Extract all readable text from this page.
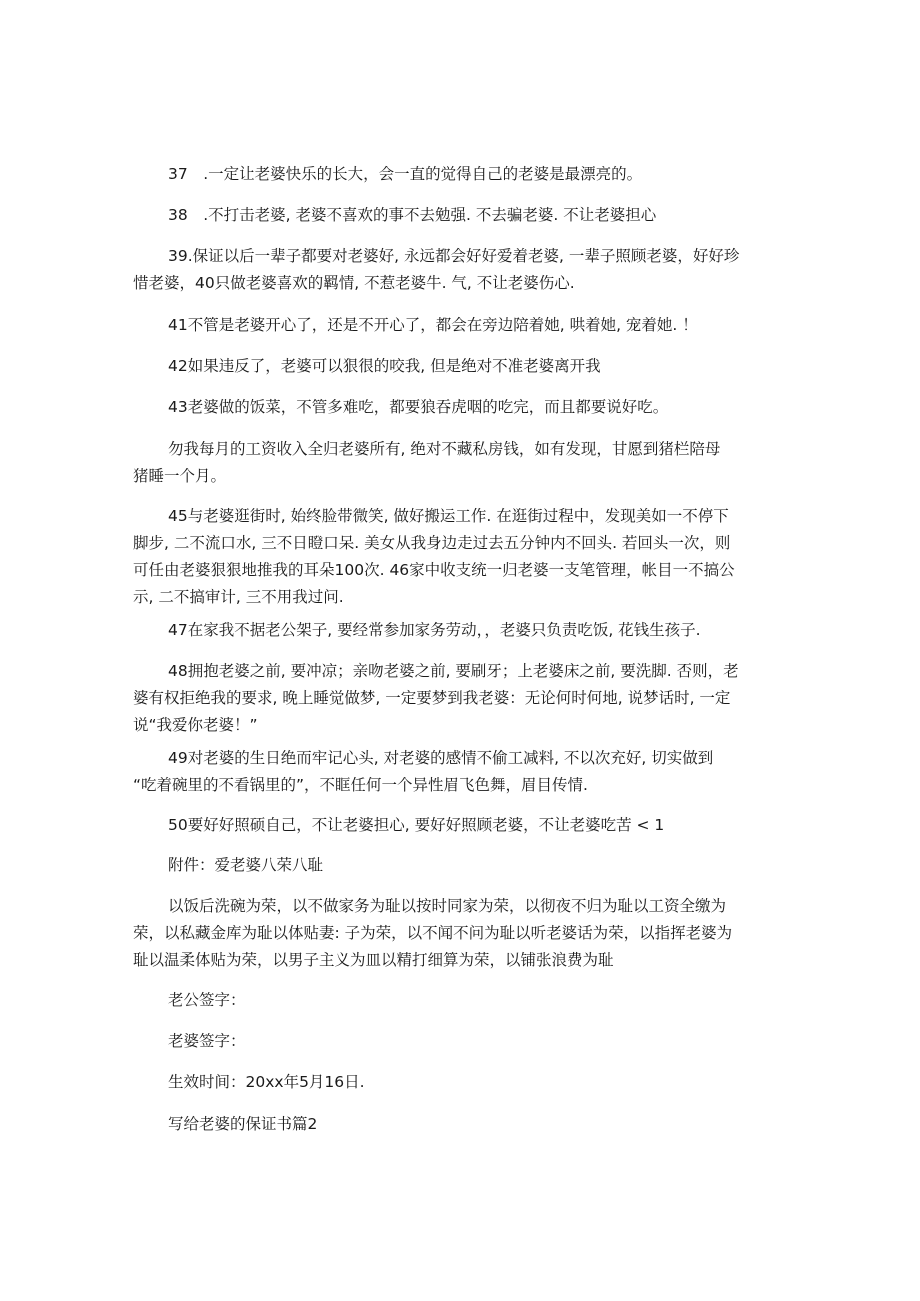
37　.一定让老婆快乐的长大，会一直的觉得自己的老婆是最漂亮的。
38　.不打击老婆, 老婆不喜欢的事不去勉强. 不去骗老婆. 不让老婆担心
39.保证以后一辈子都要对老婆好, 永远都会好好爱着老婆, 一辈子照顾老婆，好好珍
惜老婆，40只做老婆喜欢的羁情, 不惹老婆牛. 气, 不让老婆伤心.
41不管是老婆开心了，还是不开心了，都会在旁边陪着她, 哄着她, 宠着她. ！
42如果违反了，老婆可以狠很的咬我, 但是绝对不准老婆离开我
43老婆做的饭菜，不管多难吃，都要狼吞虎咽的吃完，而且都要说好吃。
勿我每月的工资收入全归老婆所有, 绝对不藏私房钱，如有发现，甘愿到猪栏陪母
猪睡一个月。
45与老婆逛街时, 始终脸带微笑, 做好搬运工作. 在逛街过程中，发现美如一不停下
脚步, 二不流口水, 三不日瞪口呆. 美女从我身边走过去五分钟内不回头. 若回头一次，则
可任由老婆狠狠地推我的耳朵100次. 46家中收支统一归老婆一支笔管理，帐目一不搞公
示, 二不搞审计, 三不用我过问.
47在家我不据老公架子, 要经常参加家务劳动，，老婆只负责吃饭, 花钱生孩子.
48拥抱老婆之前, 要冲凉；亲吻老婆之前, 要刷牙；上老婆床之前, 要洗脚. 否则，老
婆有权拒绝我的要求, 晚上睡觉做梦, 一定要梦到我老婆：无论何时何地, 说梦话时, 一定
说“我爱你老婆！”
49对老婆的生日绝而牢记心头, 对老婆的感情不偷工减料, 不以次充好, 切实做到
“吃着碗里的不看锅里的”，不眶任何一个异性眉飞色舞，眉目传情.
50要好好照硕自己，不让老婆担心, 要好好照顾老婆，不让老婆吃苦 < 1
附件：爱老婆八荣八耻
以饭后洗碗为荣，以不做家务为耻以按时同家为荣，以彻夜不归为耻以工资全缴为
荣，以私藏金库为耻以体贴妻: 子为荣，以不闻不问为耻以听老婆话为荣，以指挥老婆为
耻以温柔体贴为荣，以男子主义为皿以精打细算为荣，以铺张浪费为耻
老公签字：
老婆签字：
生效时间：20xx年5月16日.
写给老婆的保证书篇2
